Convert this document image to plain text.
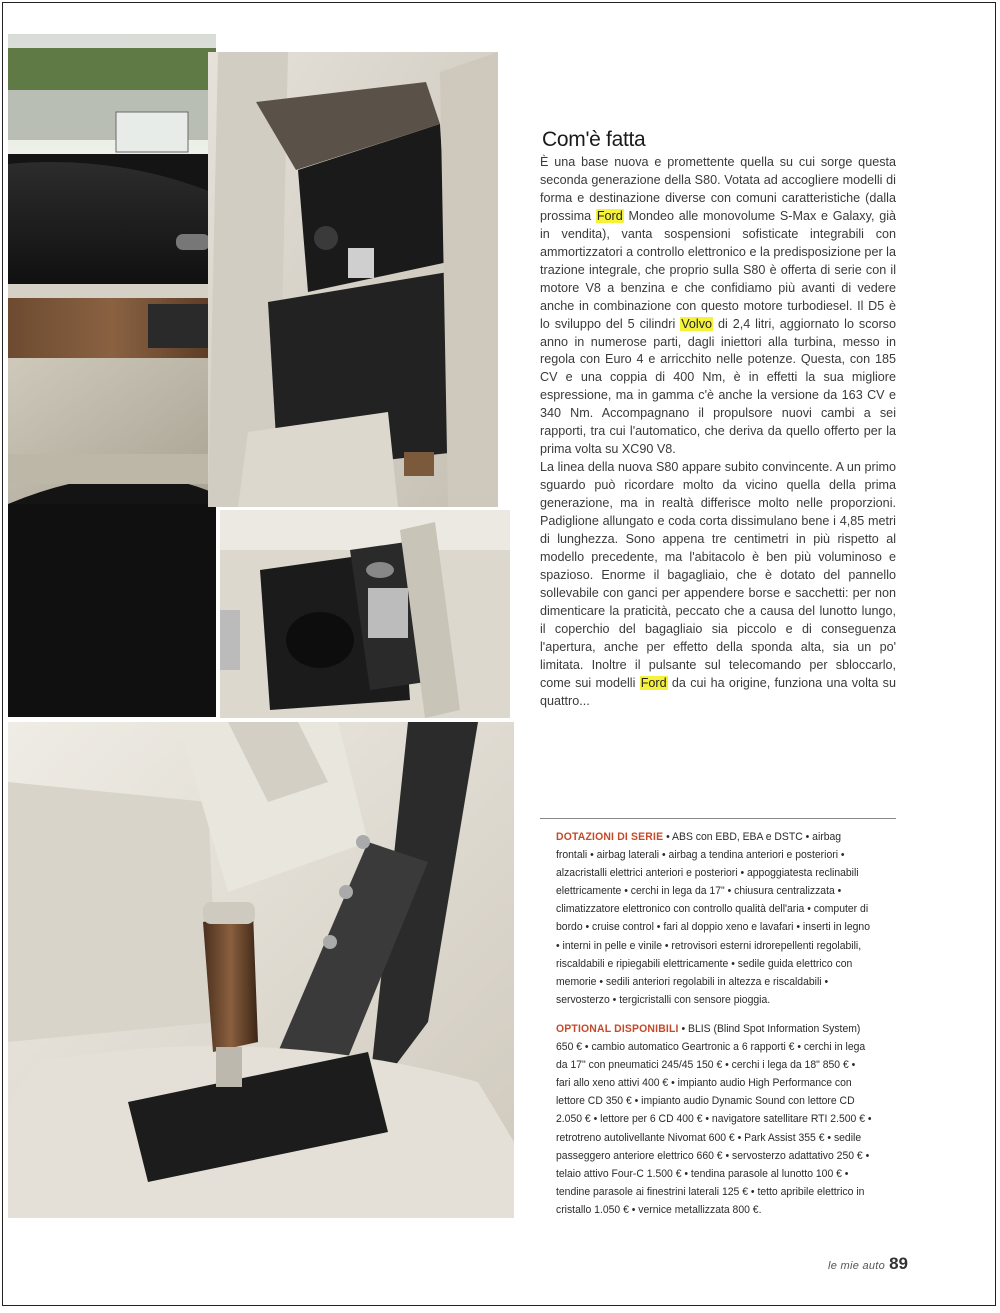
Com'è fatta

È una base nuova e promettente quella su cui sorge questa seconda generazione della S80. Votata ad accogliere modelli di forma e destinazione diverse con comuni caratteristiche (dalla prossima Ford Mondeo alle monovolume S-Max e Galaxy, già in vendita), vanta sospensioni sofisticate integrabili con ammortizzatori a controllo elettronico e la predisposizione per la trazione integrale, che proprio sulla S80 è offerta di serie con il motore V8 a benzina e che confidiamo più avanti di vedere anche in combinazione con questo motore turbodiesel. Il D5 è lo sviluppo del 5 cilindri Volvo di 2,4 litri, aggiornato lo scorso anno in numerose parti, dagli iniettori alla turbina, messo in regola con Euro 4 e arricchito nelle potenze. Questa, con 185 CV e una coppia di 400 Nm, è in effetti la sua migliore espressione, ma in gamma c'è anche la versione da 163 CV e 340 Nm. Accompagnano il propulsore nuovi cambi a sei rapporti, tra cui l'automatico, che deriva da quello offerto per la prima volta su XC90 V8.

La linea della nuova S80 appare subito convincente. A un primo sguardo può ricordare molto da vicino quella della prima generazione, ma in realtà differisce molto nelle proporzioni. Padiglione allungato e coda corta dissimulano bene i 4,85 metri di lunghezza. Sono appena tre centimetri in più rispetto al modello precedente, ma l'abitacolo è ben più voluminoso e spazioso. Enorme il bagagliaio, che è dotato del pannello sollevabile con ganci per appendere borse e sacchetti: per non dimenticare la praticità, peccato che a causa del lunotto lungo, il coperchio del bagagliaio sia piccolo e di conseguenza l'apertura, anche per effetto della sponda alta, sia un po' limitata. Inoltre il pulsante sul telecomando per sbloccarlo, come sui modelli Ford da cui ha origine, funziona una volta su quattro...

DOTAZIONI DI SERIE • ABS con EBD, EBA e DSTC • airbag frontali • airbag laterali • airbag a tendina anteriori e posteriori • alzacristalli elettrici anteriori e posteriori • appoggiatesta reclinabili elettricamente • cerchi in lega da 17" • chiusura centralizzata • climatizzatore elettronico con controllo qualità dell'aria • computer di bordo • cruise control • fari al doppio xeno e lavafari • inserti in legno • interni in pelle e vinile • retrovisori esterni idrorepellenti regolabili, riscaldabili e ripiegabili elettricamente • sedile guida elettrico con memorie • sedili anteriori regolabili in altezza e riscaldabili • servosterzo • tergicristalli con sensore pioggia.

OPTIONAL DISPONIBILI • BLIS (Blind Spot Information System) 650 € • cambio automatico Geartronic a 6 rapporti € • cerchi in lega da 17" con pneumatici 245/45 150 € • cerchi i lega da 18" 850 € • fari allo xeno attivi 400 € • impianto audio High Performance con lettore CD 350 € • impianto audio Dynamic Sound con lettore CD 2.050 € • lettore per 6 CD 400 € • navigatore satellitare RTI 2.500 € • retrotreno autolivellante Nivomat 600 € • Park Assist 355 € • sedile passeggero anteriore elettrico 660 € • servosterzo adattativo 250 € • telaio attivo Four-C 1.500 € • tendina parasole al lunotto 100 € • tendine parasole ai finestrini laterali 125 € • tetto apribile elettrico in cristallo 1.050 € • vernice metallizzata 800 €.

le mie auto 89
